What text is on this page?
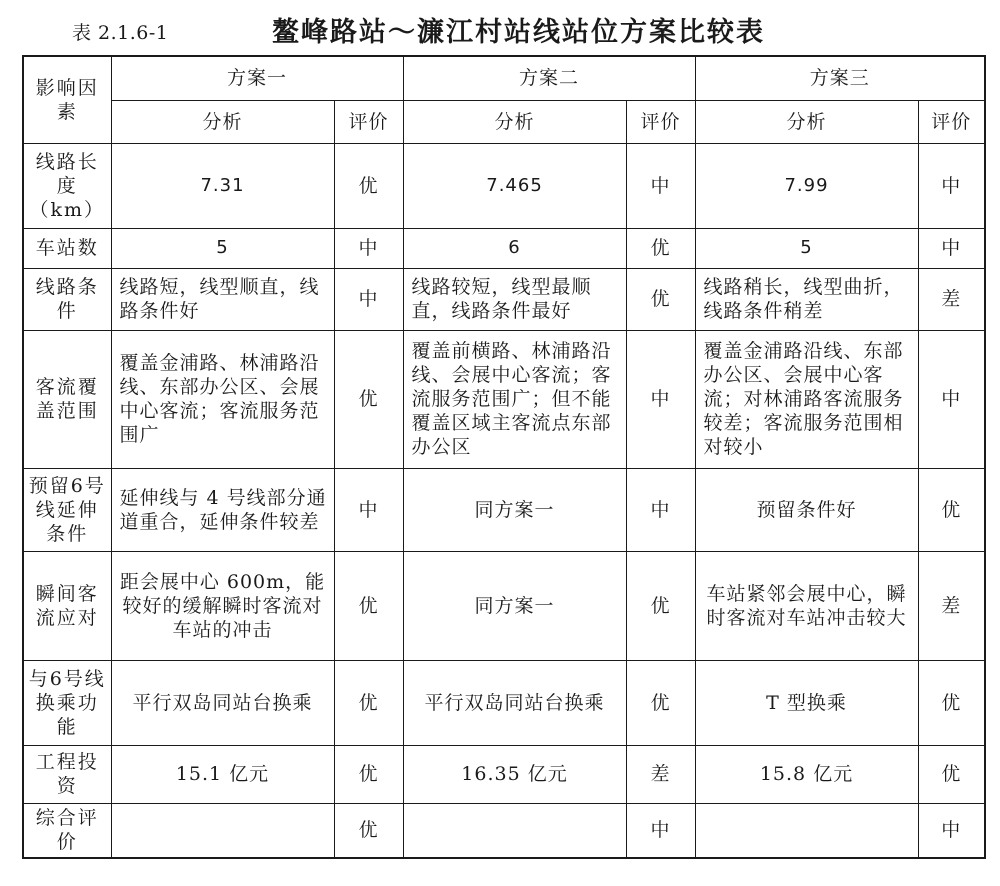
表 2.1.6-1	鳌峰路站～濂江村站线站位方案比较表
影响因素	方案一		方案二		方案三	
	分析	评价	分析	评价	分析	评价
线路长度（km）	7.31	优	7.465	中	7.99	中
车站数	5	中	6	优	5	中
线路条件	线路短，线型顺直，线路条件好	中	线路较短，线型最顺直，线路条件最好	优	线路稍长，线型曲折，线路条件稍差	差
客流覆盖范围	覆盖金浦路、林浦路沿线、东部办公区、会展中心客流；客流服务范围广	优	覆盖前横路、林浦路沿线、会展中心客流；客流服务范围广；但不能覆盖区域主客流点东部办公区	中	覆盖金浦路沿线、东部办公区、会展中心客流；对林浦路客流服务较差；客流服务范围相对较小	中
预留6号线延伸条件	延伸线与 4 号线部分通道重合，延伸条件较差	中	同方案一	中	预留条件好	优
瞬间客流应对	距会展中心 600m，能较好的缓解瞬时客流对车站的冲击	优	同方案一	优	车站紧邻会展中心，瞬时客流对车站冲击较大	差
与6号线换乘功能	平行双岛同站台换乘	优	平行双岛同站台换乘	优	T 型换乘	优
工程投资	15.1 亿元	优	16.35 亿元	差	15.8 亿元	优
综合评价		优		中		中
